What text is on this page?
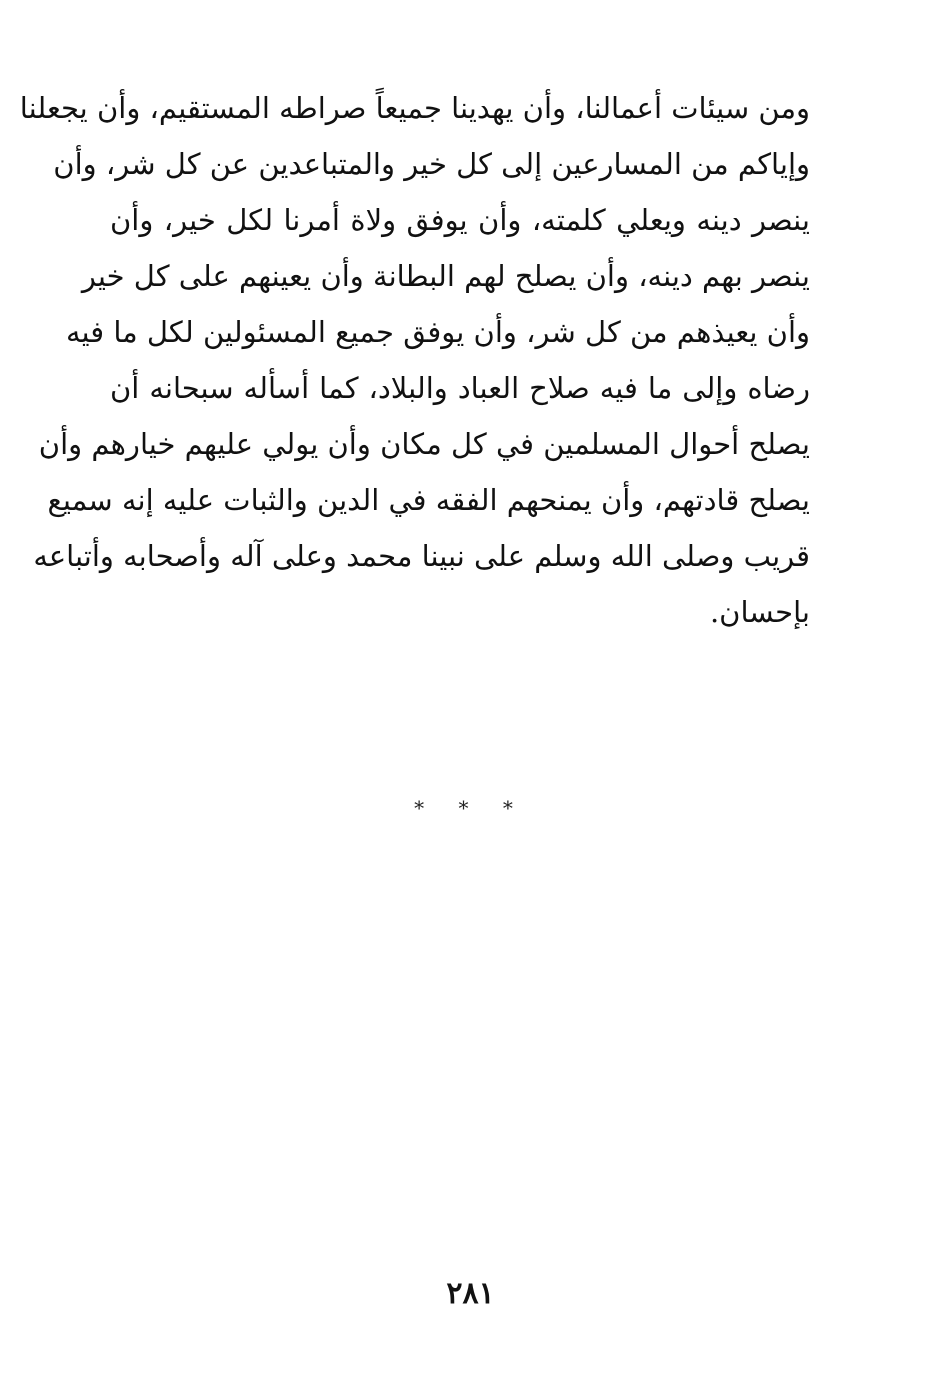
ومن سيئات أعمالنا، وأن يهدينا جميعاً صراطه المستقيم، وأن يجعلنا
وإياكم من المسارعين إلى كل خير والمتباعدين عن كل شر، وأن
ينصر دينه ويعلي كلمته، وأن يوفق ولاة أمرنا لكل خير، وأن
ينصر بهم دينه، وأن يصلح لهم البطانة وأن يعينهم على كل خير
وأن يعيذهم من كل شر، وأن يوفق جميع المسئولين لكل ما فيه
رضاه وإلى ما فيه صلاح العباد والبلاد، كما أسأله سبحانه أن
يصلح أحوال المسلمين في كل مكان وأن يولي عليهم خيارهم وأن
يصلح قادتهم، وأن يمنحهم الفقه في الدين والثبات عليه إنه سميع
قريب وصلى الله وسلم على نبينا محمد وعلى آله وأصحابه وأتباعه
بإحسان.
* * *
٢٨١
